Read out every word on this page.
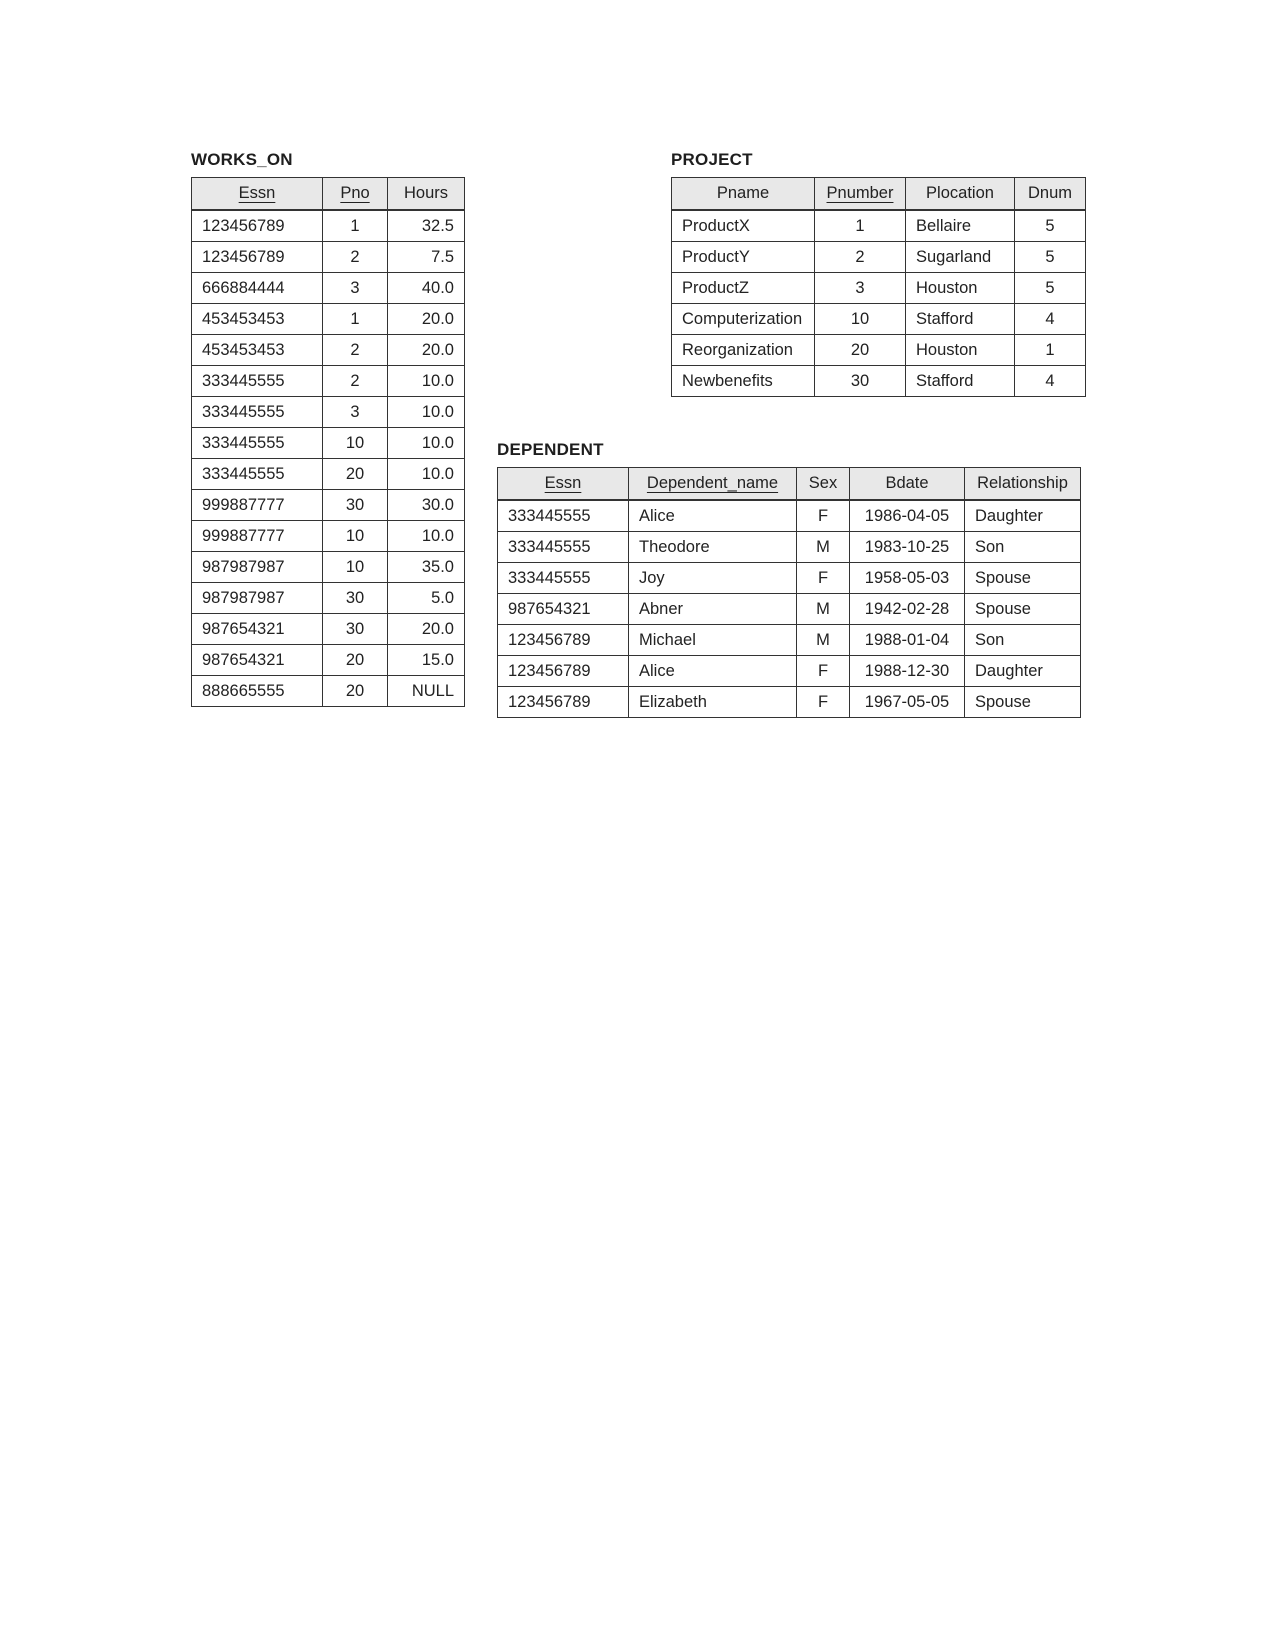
WORKS_ON
Essn	Pno	Hours
123456789	1	32.5
123456789	2	7.5
666884444	3	40.0
453453453	1	20.0
453453453	2	20.0
333445555	2	10.0
333445555	3	10.0
333445555	10	10.0
333445555	20	10.0
999887777	30	30.0
999887777	10	10.0
987987987	10	35.0
987987987	30	5.0
987654321	30	20.0
987654321	20	15.0
888665555	20	NULL
PROJECT
Pname	Pnumber	Plocation	Dnum
ProductX	1	Bellaire	5
ProductY	2	Sugarland	5
ProductZ	3	Houston	5
Computerization	10	Stafford	4
Reorganization	20	Houston	1
Newbenefits	30	Stafford	4
DEPENDENT
Essn	Dependent_name	Sex	Bdate	Relationship
333445555	Alice	F	1986-04-05	Daughter
333445555	Theodore	M	1983-10-25	Son
333445555	Joy	F	1958-05-03	Spouse
987654321	Abner	M	1942-02-28	Spouse
123456789	Michael	M	1988-01-04	Son
123456789	Alice	F	1988-12-30	Daughter
123456789	Elizabeth	F	1967-05-05	Spouse
